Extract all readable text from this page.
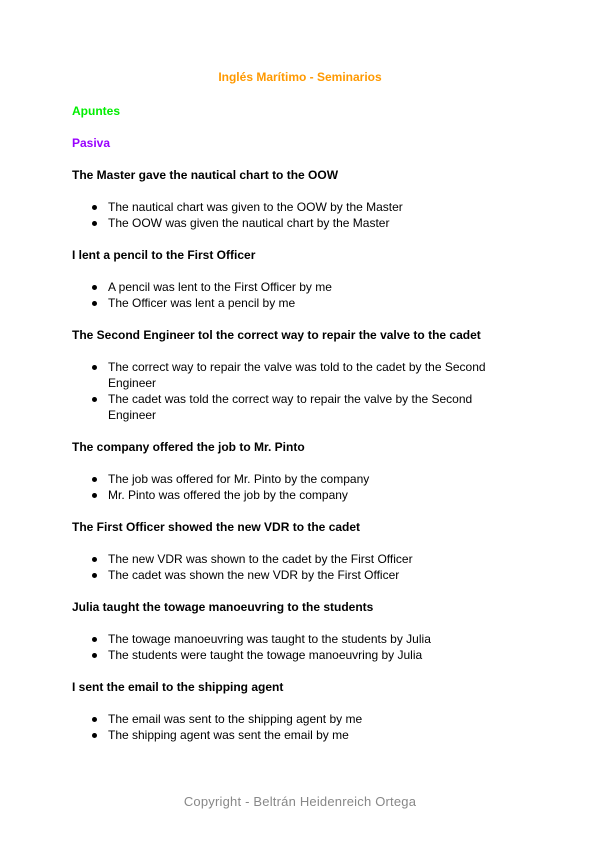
Inglés Marítimo - Seminarios
Apuntes
Pasiva

The Master gave the nautical chart to the OOW

The nautical chart was given to the OOW by the Master
The OOW was given the nautical chart by the Master

I lent a pencil to the First Officer

A pencil was lent to the First Officer by me
The Officer was lent a pencil by me

The Second Engineer tol the correct way to repair the valve to the cadet

The correct way to repair the valve was told to the cadet by the Second Engineer
The cadet was told the correct way to repair the valve by the Second Engineer

The company offered the job to Mr. Pinto

The job was offered for Mr. Pinto by the company
Mr. Pinto was offered the job by the company

The First Officer showed the new VDR to the cadet

The new VDR was shown to the cadet by the First Officer
The cadet was shown the new VDR by the First Officer

Julia taught the towage manoeuvring to the students

The towage manoeuvring was taught to the students by Julia
The students were taught the towage manoeuvring by Julia

I sent the email to the shipping agent

The email was sent to the shipping agent by me
The shipping agent was sent the email by me
Copyright - Beltrán Heidenreich Ortega
